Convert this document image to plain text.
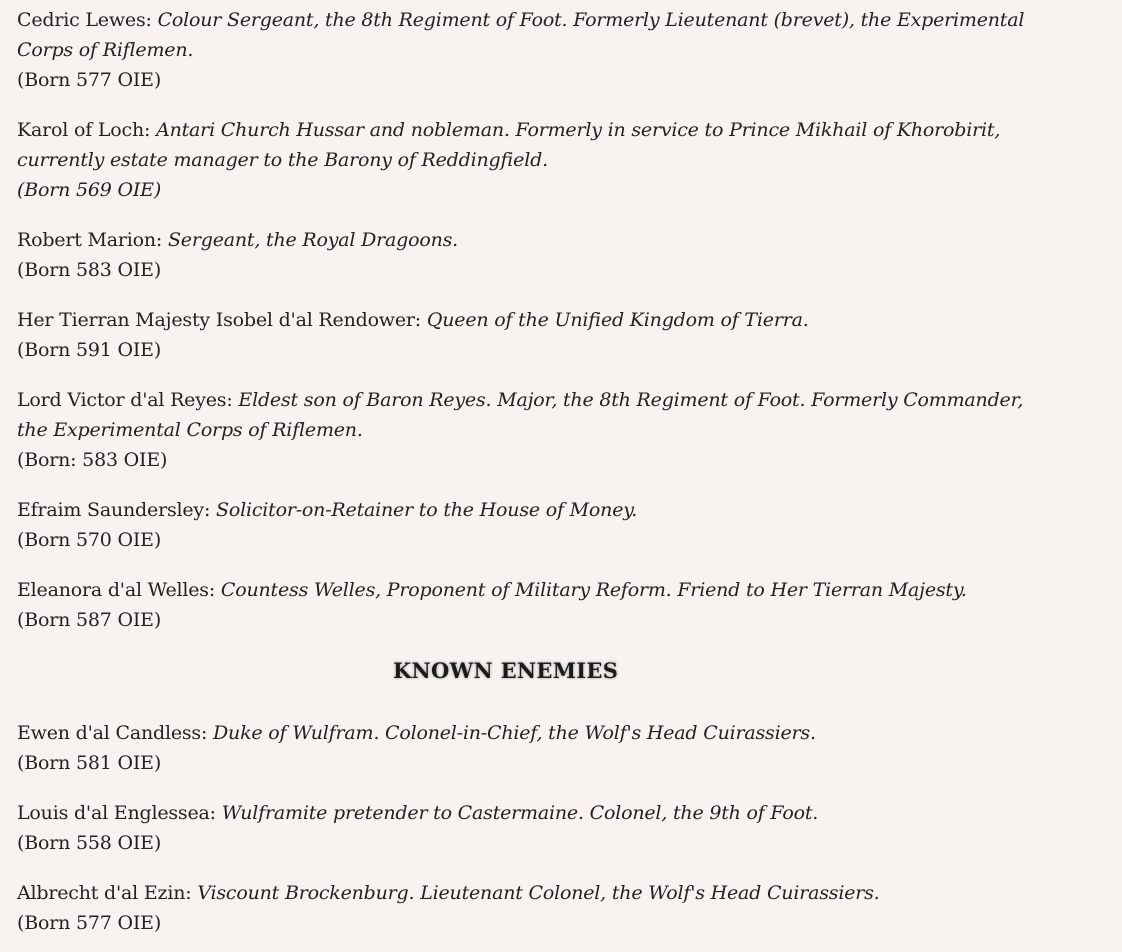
Cedric Lewes: Colour Sergeant, the 8th Regiment of Foot. Formerly Lieutenant (brevet), the Experimental

Corps of Riflemen.

(Born 577 OIE)

Karol of Loch: Antari Church Hussar and nobleman. Formerly in service to Prince Mikhail of Khorobirit,

currently estate manager to the Barony of Reddingfield.

(Born 569 OIE)

Robert Marion: Sergeant, the Royal Dragoons.

(Born 583 OIE)

Her Tierran Majesty Isobel d'al Rendower: Queen of the Unified Kingdom of Tierra.

(Born 591 OIE)

Lord Victor d'al Reyes: Eldest son of Baron Reyes. Major, the 8th Regiment of Foot. Formerly Commander,

the Experimental Corps of Riflemen.

(Born: 583 OIE)

Efraim Saundersley: Solicitor-on-Retainer to the House of Money.

(Born 570 OIE)

Eleanora d'al Welles: Countess Welles, Proponent of Military Reform. Friend to Her Tierran Majesty.

(Born 587 OIE)

KNOWN ENEMIES

Ewen d'al Candless: Duke of Wulfram. Colonel-in-Chief, the Wolf's Head Cuirassiers.

(Born 581 OIE)

Louis d'al Englessea: Wulframite pretender to Castermaine. Colonel, the 9th of Foot.

(Born 558 OIE)

Albrecht d'al Ezin: Viscount Brockenburg. Lieutenant Colonel, the Wolf's Head Cuirassiers.

(Born 577 OIE)
